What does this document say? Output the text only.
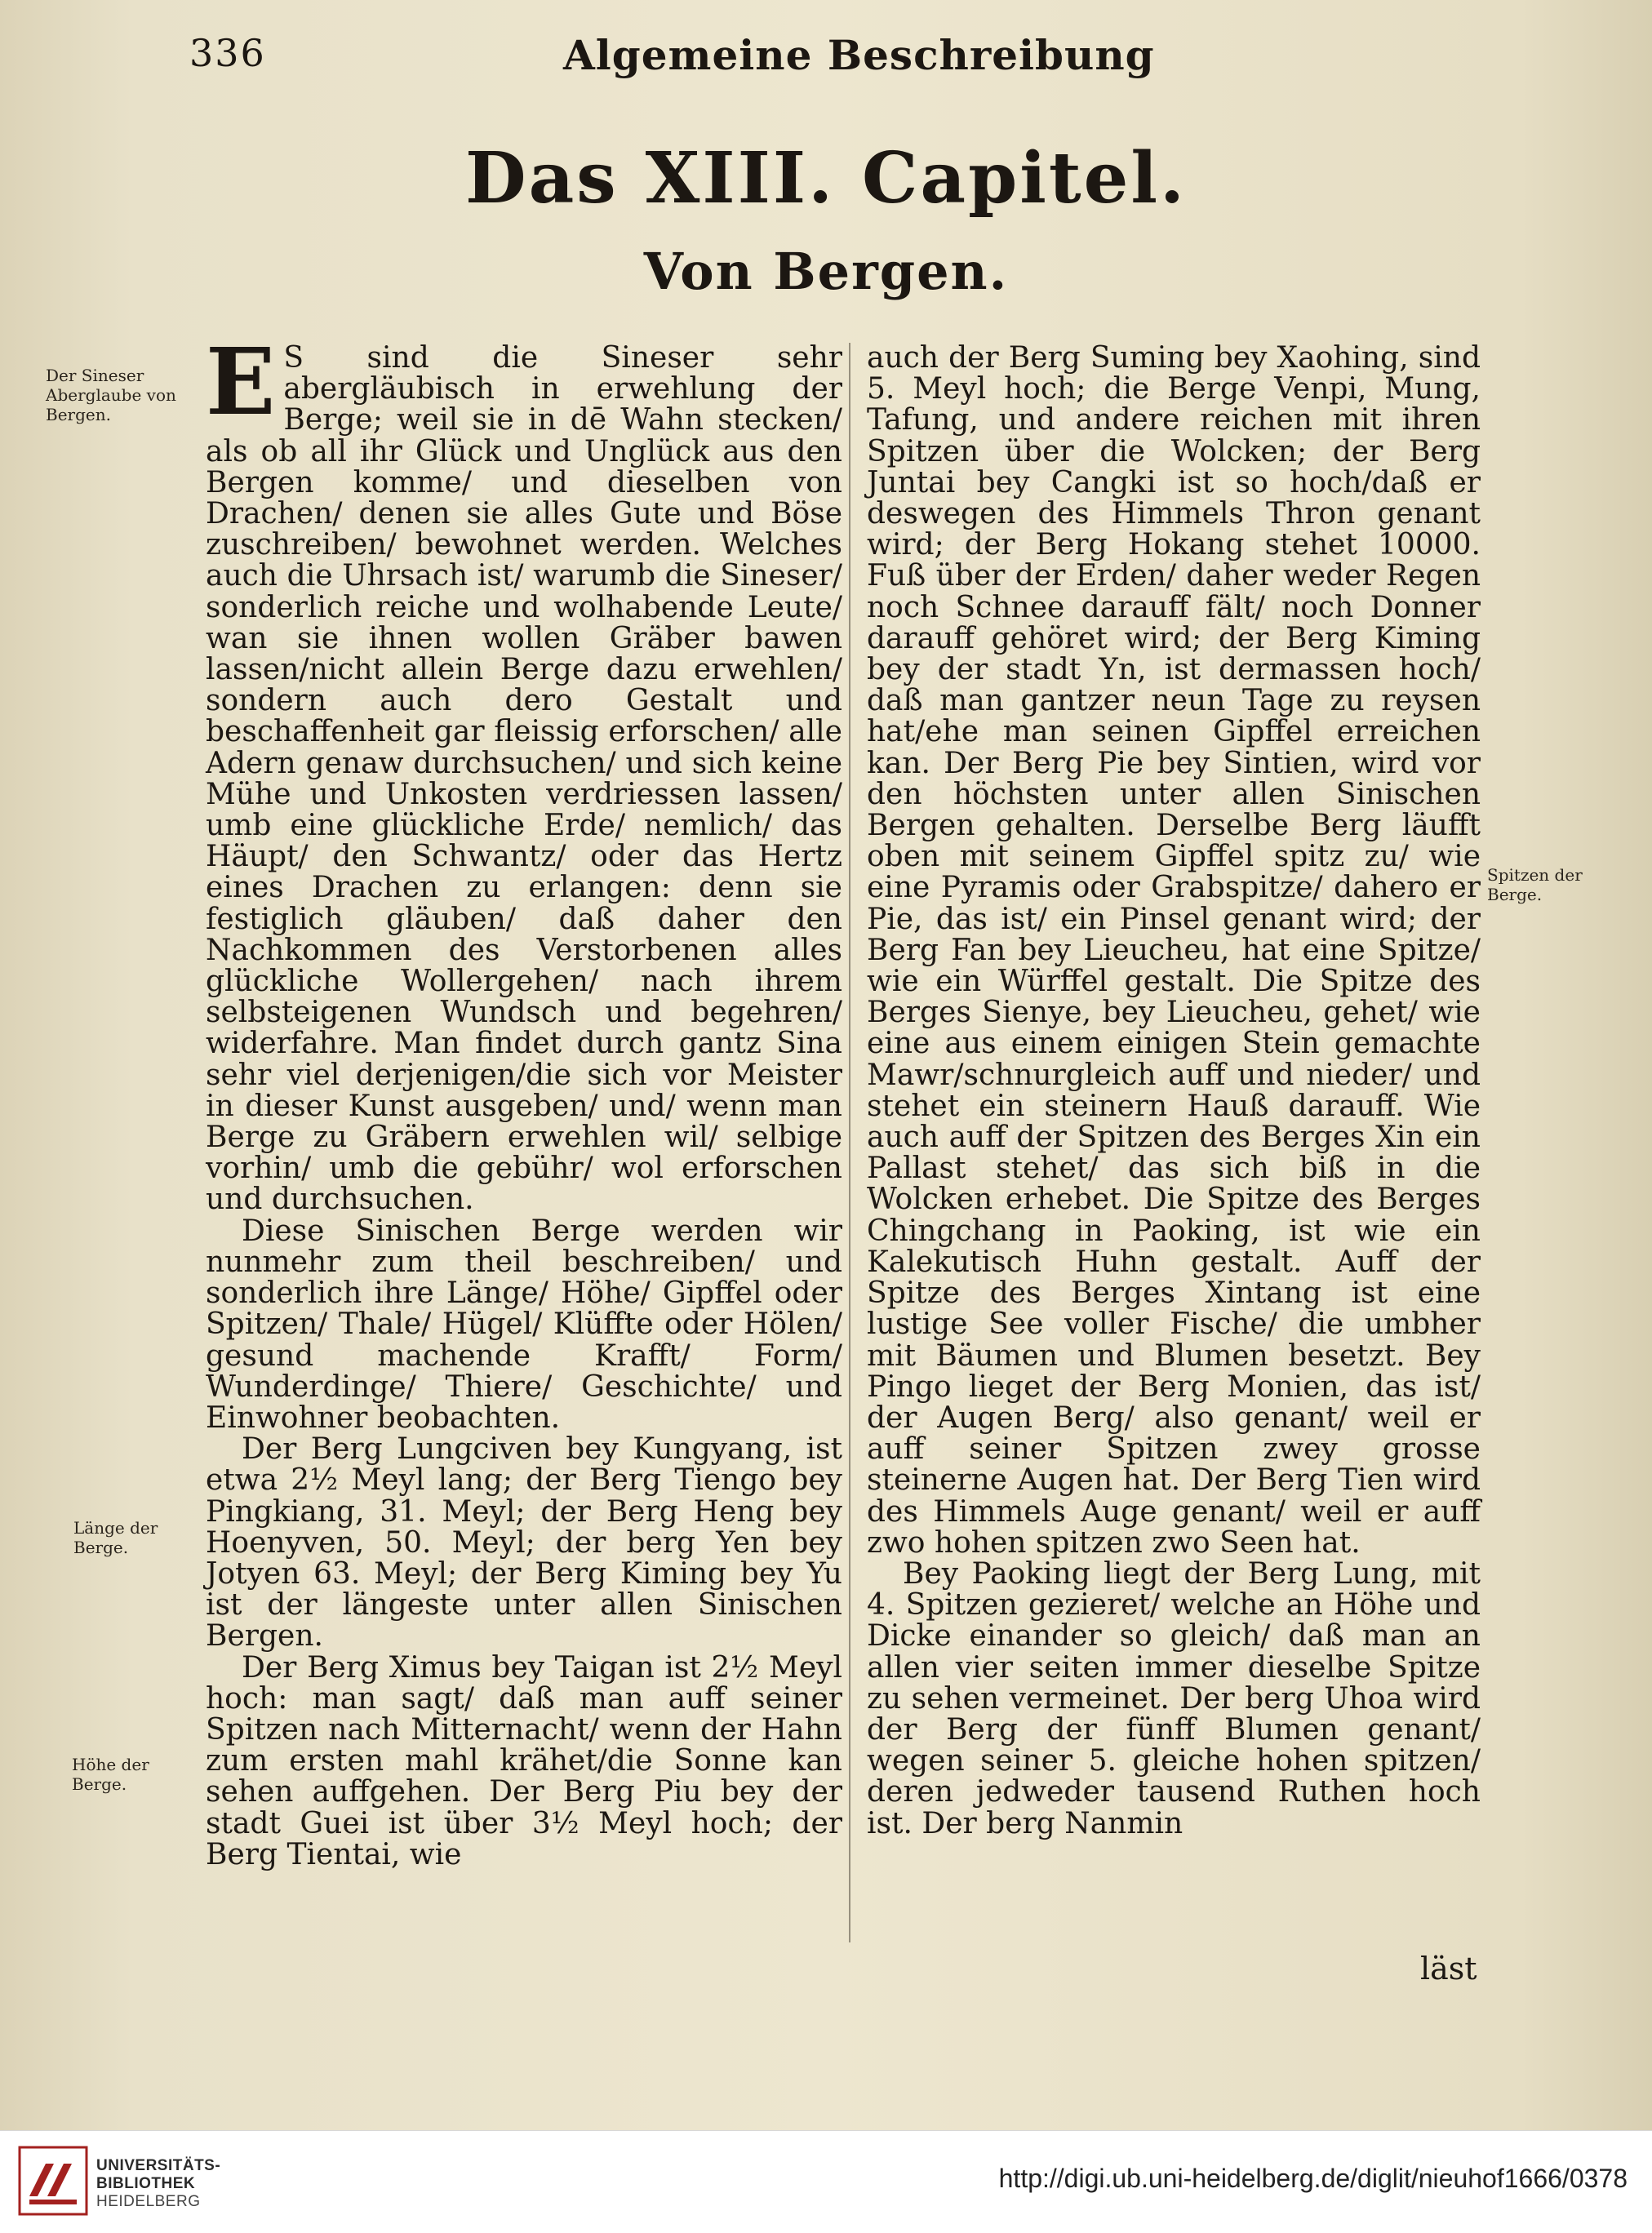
336	Algemeine Beschreibung
Das XIII. Capitel.
Von Bergen.
Der Sineser Aberglaube von Bergen.
Länge der Berge.
Höhe der Berge.
Spitzen der Berge.

E S sind die Sineser sehr abergläubisch in erwehlung der Berge; weil sie in dē Wahn stecken/ als ob all ihr Glück und Unglück aus den Bergen komme/ und dieselben von Drachen/ denen sie alles Gute und Böse zuschreiben/ bewohnet werden. Welches auch die Uhrsach ist/ warumb die Sineser/ sonderlich reiche und wolhabende Leute/ wan sie ihnen wollen Gräber bawen lassen/nicht allein Berge dazu erwehlen/ sondern auch dero Gestalt und beschaffenheit gar fleissig erforschen/ alle Adern genaw durchsuchen/ und sich keine Mühe und Unkosten verdriessen lassen/ umb eine glückliche Erde/ nemlich/ das Häupt/ den Schwantz/ oder das Hertz eines Drachen zu erlangen: denn sie festiglich gläuben/ daß daher den Nachkommen des Verstorbenen alles glückliche Wollergehen/ nach ihrem selbsteigenen Wundsch und begehren/ widerfahre. Man findet durch gantz Sina sehr viel derjenigen/die sich vor Meister in dieser Kunst ausgeben/ und/ wenn man Berge zu Gräbern erwehlen wil/ selbige vorhin/ umb die gebühr/ wol erforschen und durchsuchen.

Diese Sinischen Berge werden wir nunmehr zum theil beschreiben/ und sonderlich ihre Länge/ Höhe/ Gipffel oder Spitzen/ Thale/ Hügel/ Klüffte oder Hölen/ gesund machende Krafft/ Form/ Wunderdinge/ Thiere/ Geschichte/ und Einwohner beobachten.

Der Berg Lungciven bey Kungyang, ist etwa 2½ Meyl lang; der Berg Tiengo bey Pingkiang, 31. Meyl; der Berg Heng bey Hoenyven, 50. Meyl; der berg Yen bey Jotyen 63. Meyl; der Berg Kiming bey Yu ist der längeste unter allen Sinischen Bergen.

Der Berg Ximus bey Taigan ist 2½ Meyl hoch: man sagt/ daß man auff seiner Spitzen nach Mitternacht/ wenn der Hahn zum ersten mahl krähet/die Sonne kan sehen auffgehen. Der Berg Piu bey der stadt Guei ist über 3½ Meyl hoch; der Berg Tientai, wie

auch der Berg Suming bey Xaohing, sind 5. Meyl hoch; die Berge Venpi, Mung, Tafung, und andere reichen mit ihren Spitzen über die Wolcken; der Berg Juntai bey Cangki ist so hoch/daß er deswegen des Himmels Thron genant wird; der Berg Hokang stehet 10000. Fuß über der Erden/ daher weder Regen noch Schnee darauff fält/ noch Donner darauff gehöret wird; der Berg Kiming bey der stadt Yn, ist dermassen hoch/ daß man gantzer neun Tage zu reysen hat/ehe man seinen Gipffel erreichen kan. Der Berg Pie bey Sintien, wird vor den höchsten unter allen Sinischen Bergen gehalten. Derselbe Berg läufft oben mit seinem Gipffel spitz zu/ wie eine Pyramis oder Grabspitze/ dahero er Pie, das ist/ ein Pinsel genant wird; der Berg Fan bey Lieucheu, hat eine Spitze/ wie ein Würffel gestalt. Die Spitze des Berges Sienye, bey Lieucheu, gehet/ wie eine aus einem einigen Stein gemachte Mawr/schnurgleich auff und nieder/ und stehet ein steinern Hauß darauff. Wie auch auff der Spitzen des Berges Xin ein Pallast stehet/ das sich biß in die Wolcken erhebet. Die Spitze des Berges Chingchang in Paoking, ist wie ein Kalekutisch Huhn gestalt. Auff der Spitze des Berges Xintang ist eine lustige See voller Fische/ die umbher mit Bäumen und Blumen besetzt. Bey Pingo lieget der Berg Monien, das ist/ der Augen Berg/ also genant/ weil er auff seiner Spitzen zwey grosse steinerne Augen hat. Der Berg Tien wird des Himmels Auge genant/ weil er auff zwo hohen spitzen zwo Seen hat.

Bey Paoking liegt der Berg Lung, mit 4. Spitzen gezieret/ welche an Höhe und Dicke einander so gleich/ daß man an allen vier seiten immer dieselbe Spitze zu sehen vermeinet. Der berg Uhoa wird der Berg der fünff Blumen genant/ wegen seiner 5. gleiche hohen spitzen/ deren jedweder tausend Ruthen hoch ist. Der berg Nanmin

läst
UNIVERSITÄTS-
BIBLIOTHEK
HEIDELBERG
http://digi.ub.uni-heidelberg.de/diglit/nieuhof1666/0378
